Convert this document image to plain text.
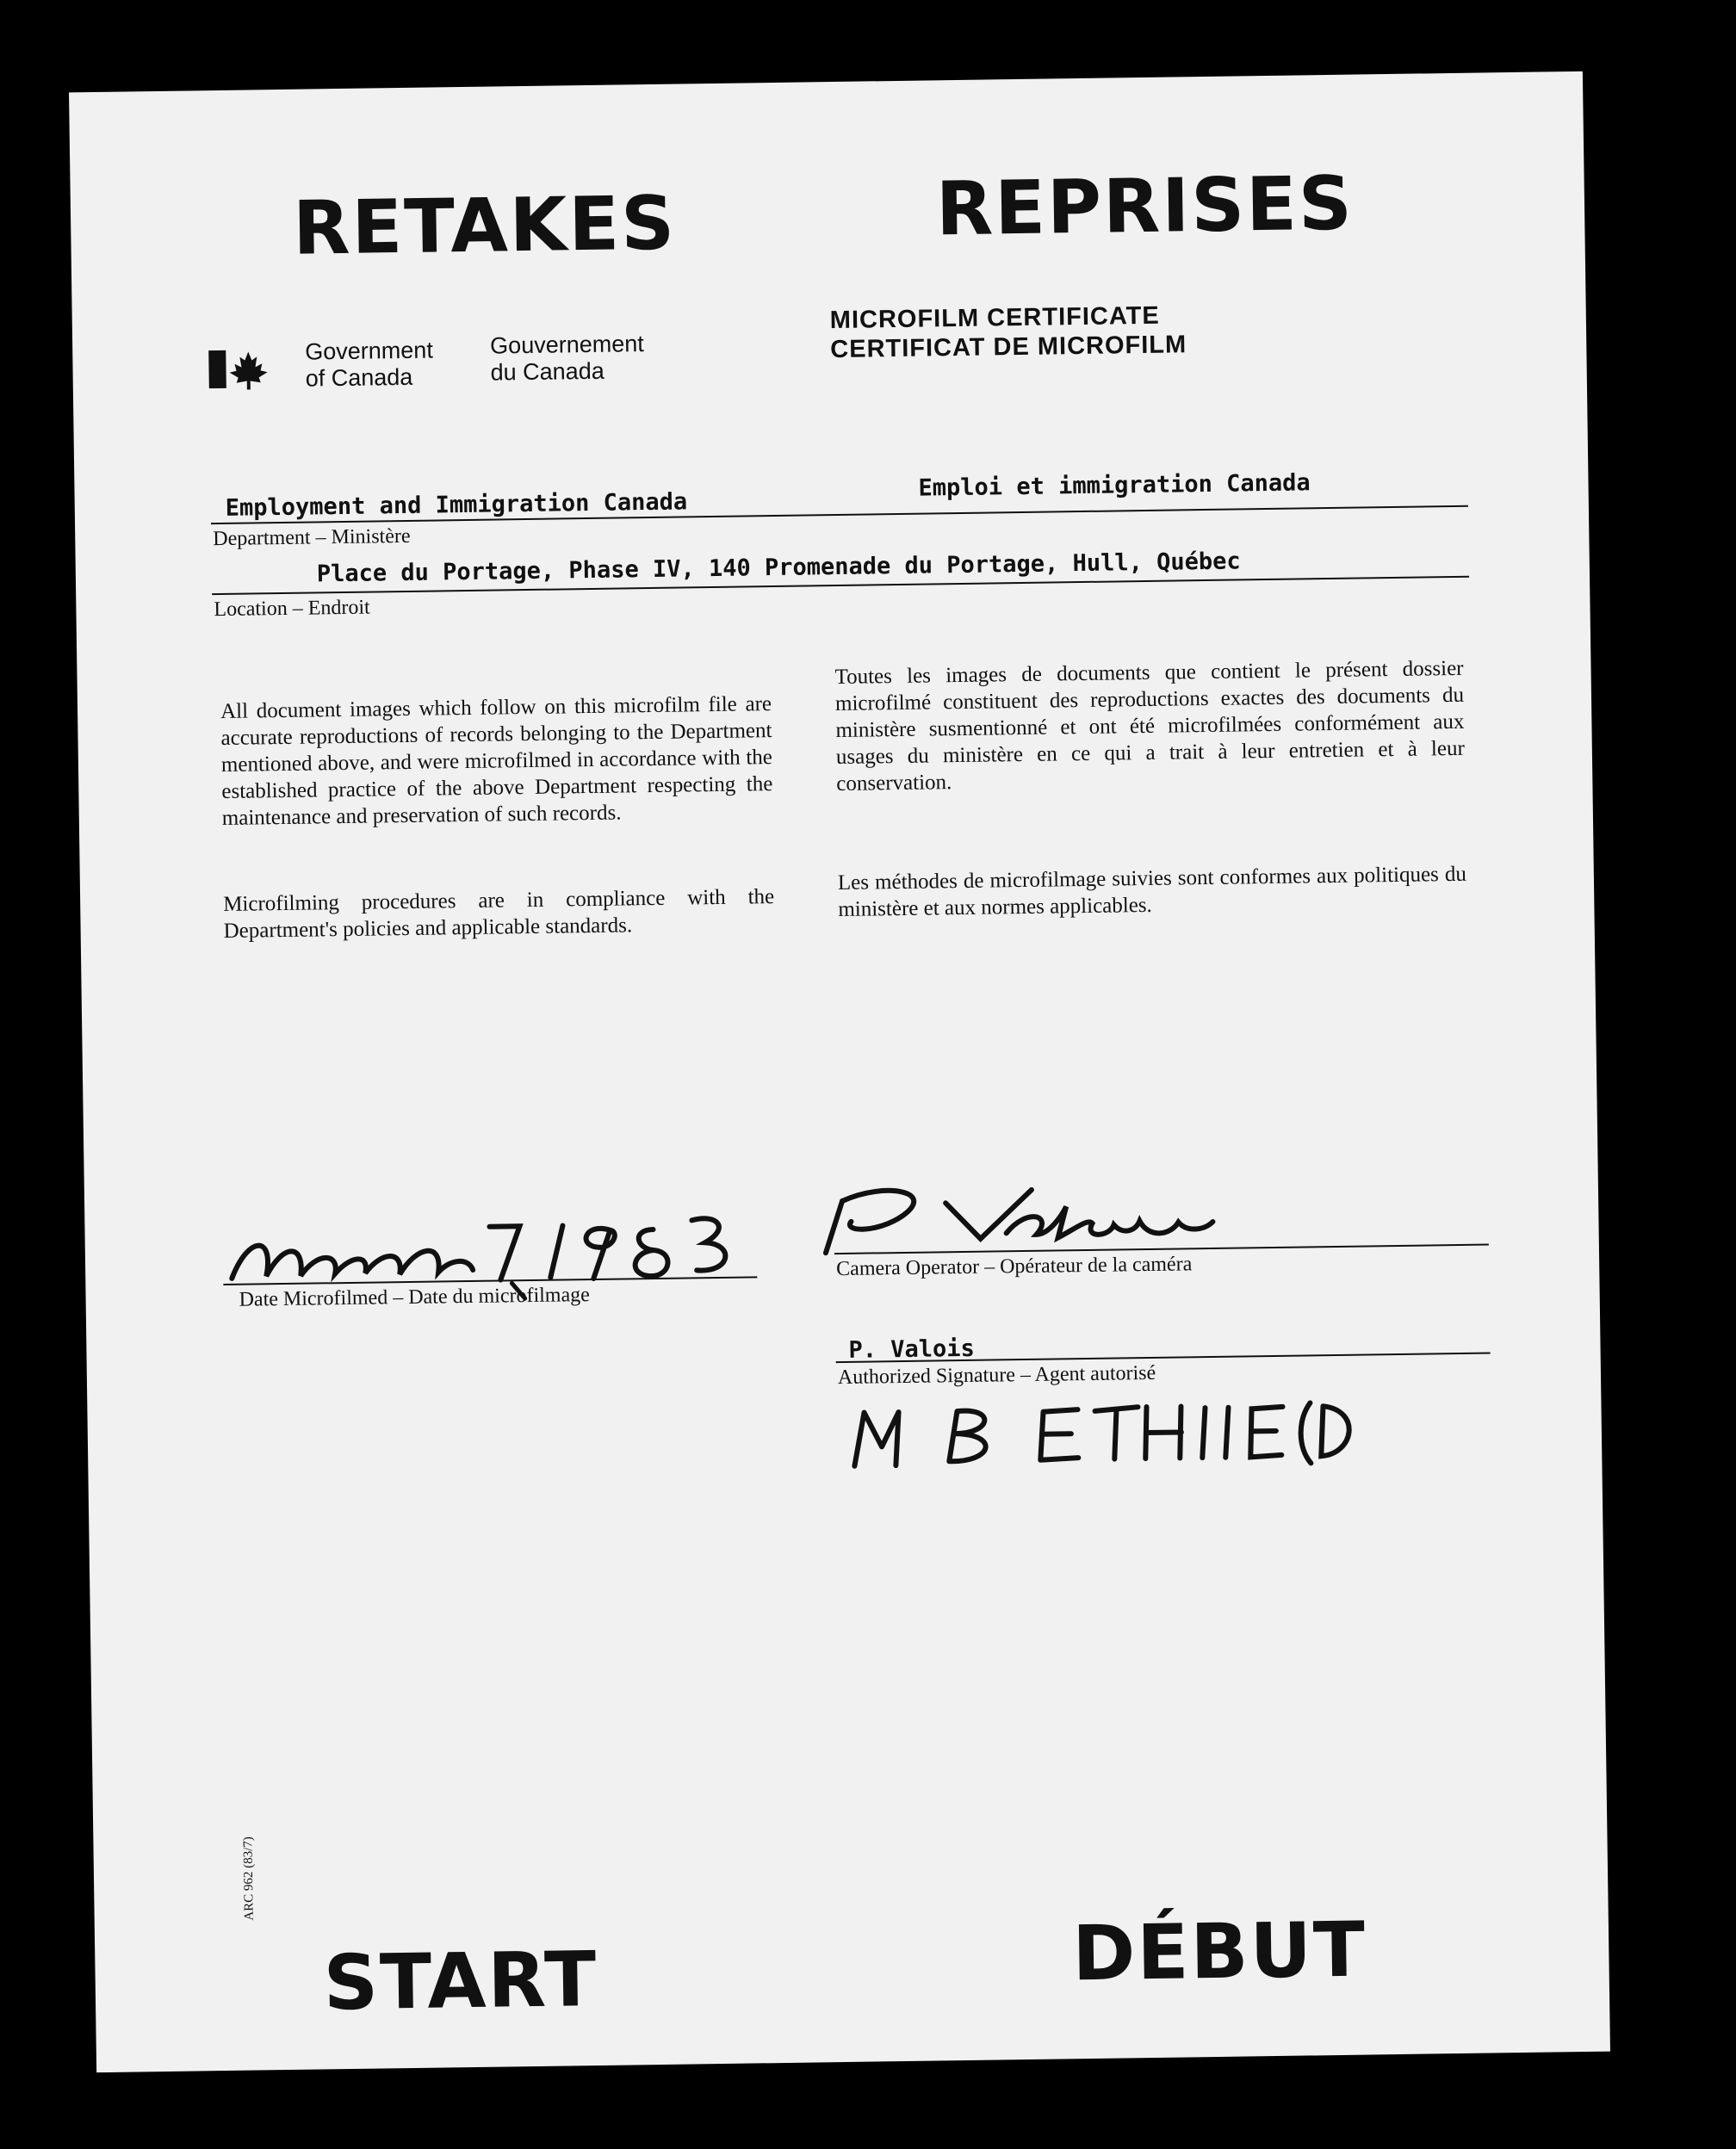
RETAKES	REPRISES
Government
of Canada
Gouvernement
du Canada
MICROFILM CERTIFICATE
CERTIFICAT DE MICROFILM
Employment and Immigration Canada
Emploi et immigration Canada
Department – Ministère
Place du Portage, Phase IV, 140 Promenade du Portage, Hull, Québec
Location – Endroit
All document images which follow on this microfilm file are accurate reproductions of records belonging to the Department mentioned above, and were microfilmed in accordance with the established practice of the above Department respecting the maintenance and preservation of such records.
Microfilming procedures are in compliance with the Department's policies and applicable standards.
Toutes les images de documents que contient le présent dossier microfilmé constituent des reproductions exactes des documents du ministère susmentionné et ont été microfilmées conformément aux usages du ministère en ce qui a trait à leur entretien et à leur conservation.
Les méthodes de microfilmage suivies sont conformes aux politiques du ministère et aux normes applicables.
Date Microfilmed – Date du microfilmage
Camera Operator – Opérateur de la caméra
P. Valois
Authorized Signature – Agent autorisé
ARC 962 (83/7)
START	DÉBUT
